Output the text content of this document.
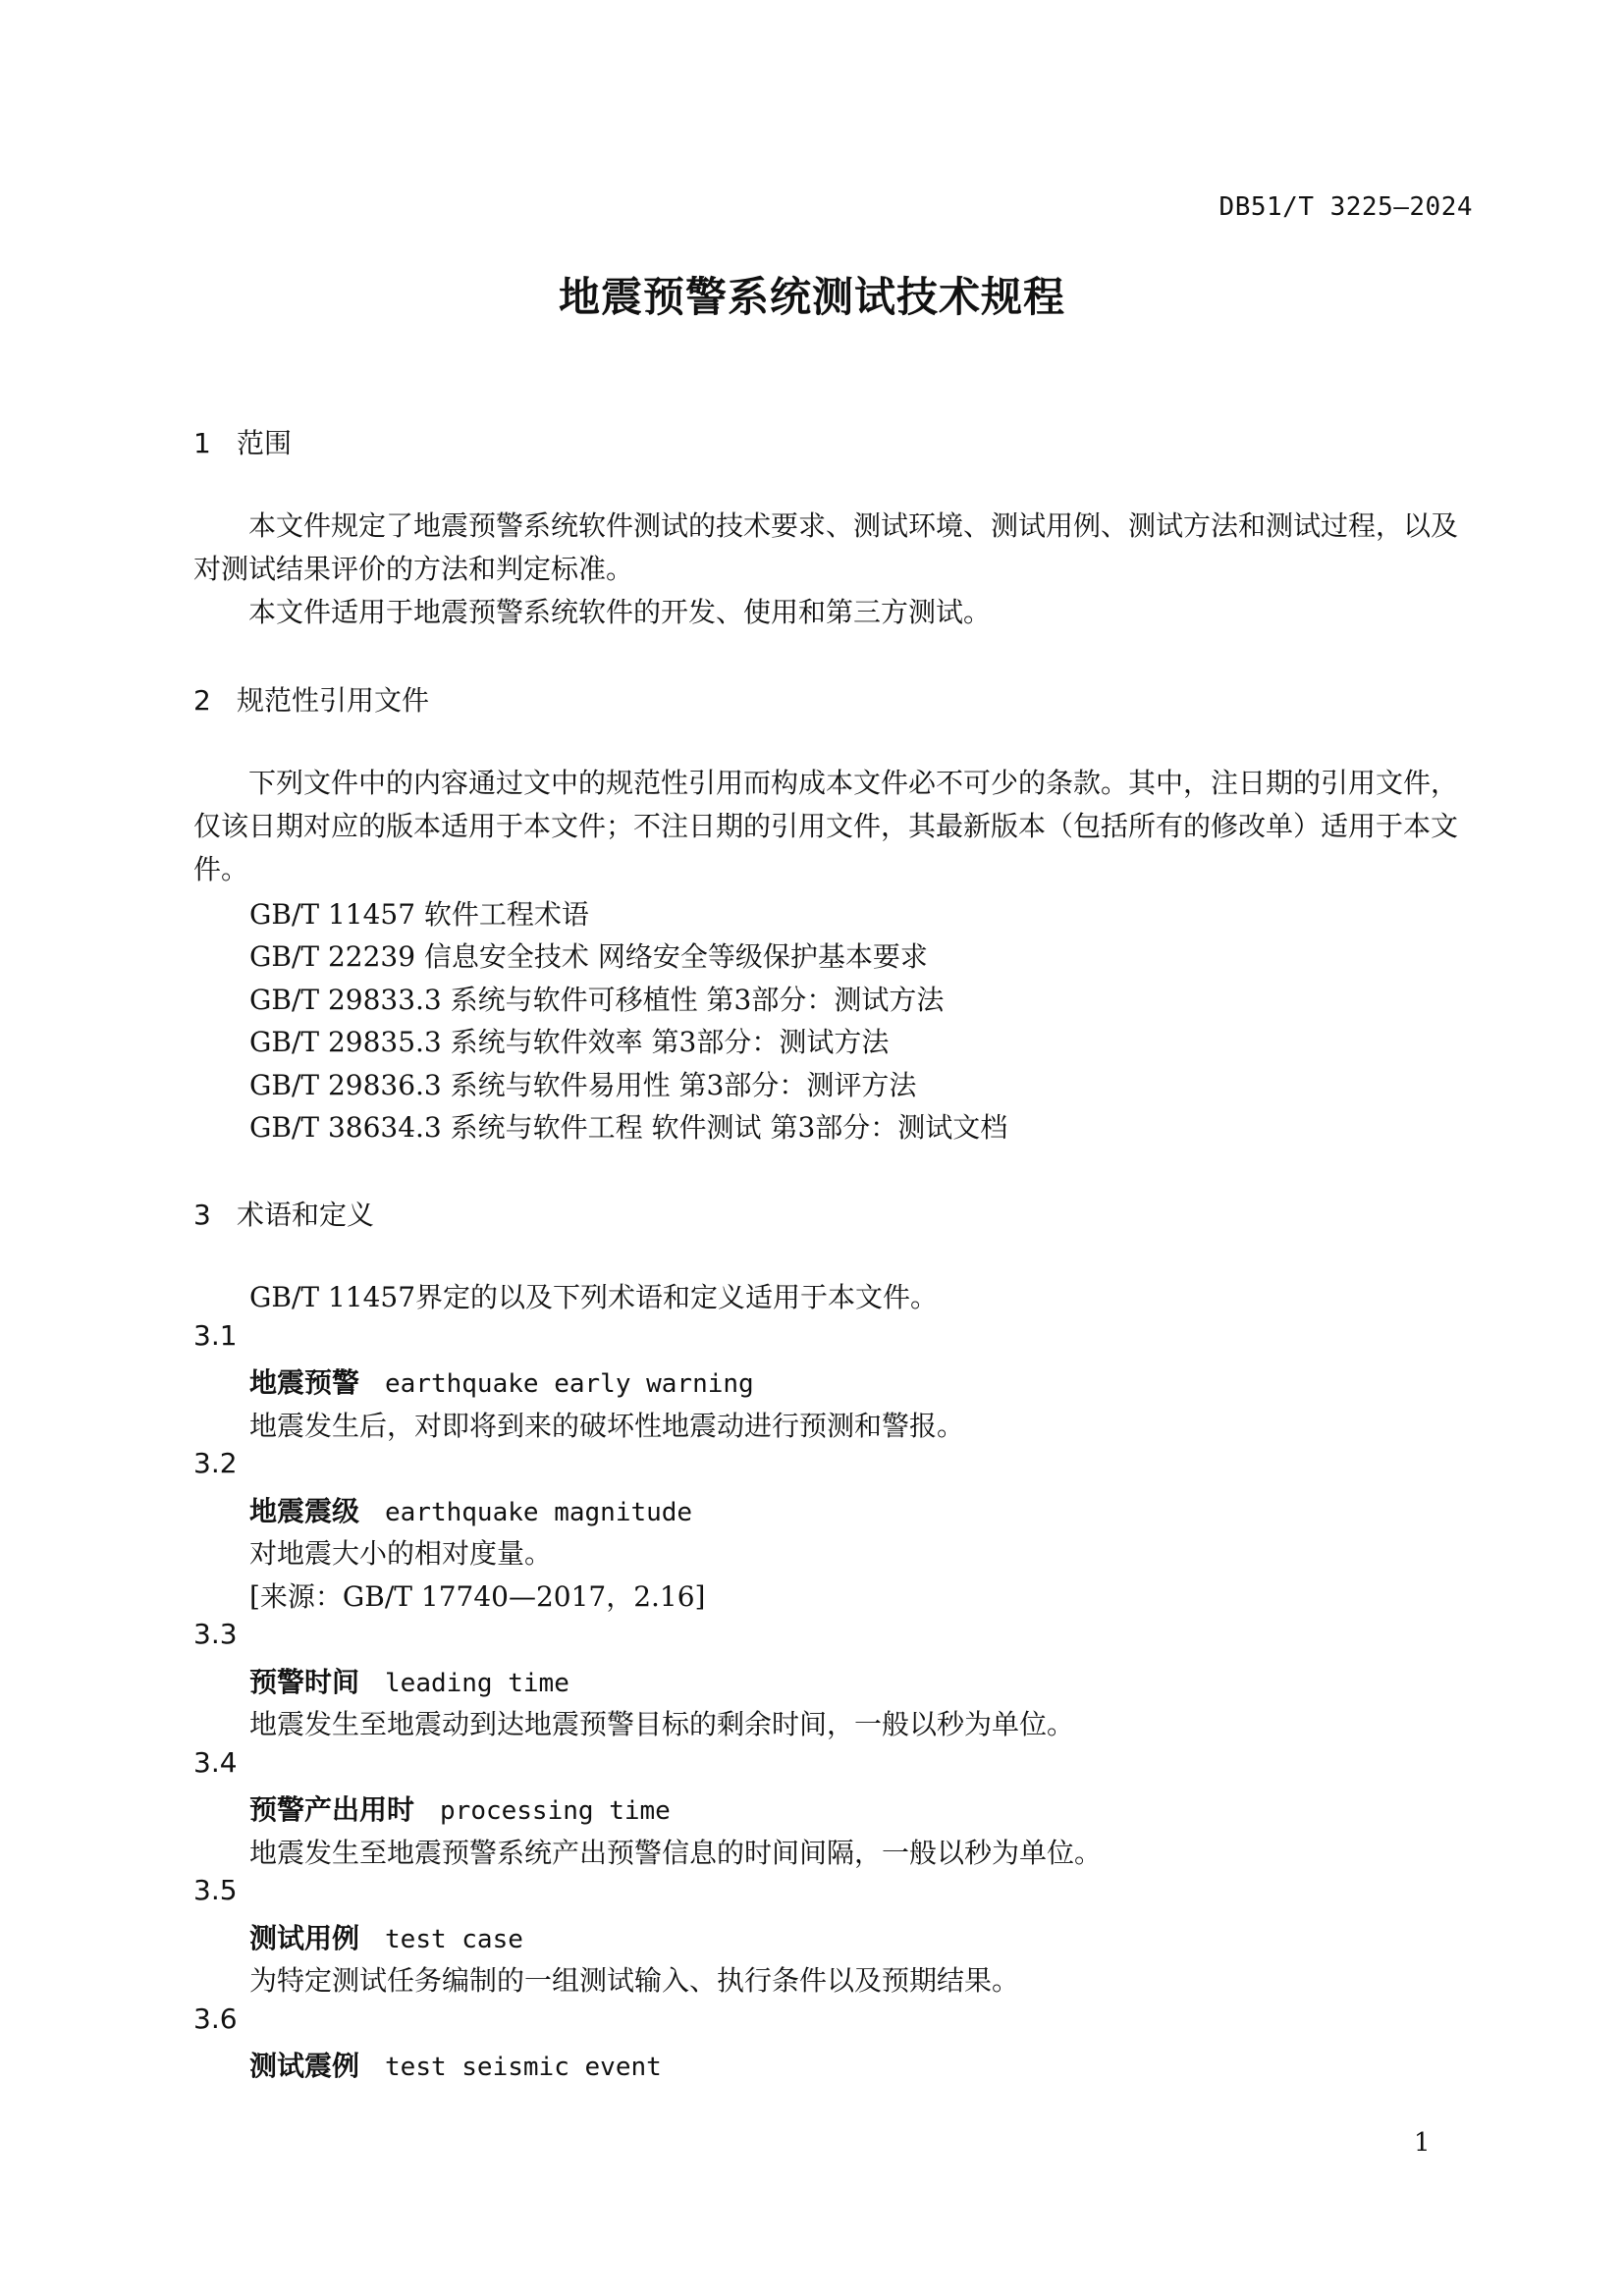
DB51/T 3225—2024
地震预警系统测试技术规程
1 范围
本文件规定了地震预警系统软件测试的技术要求、测试环境、测试用例、测试方法和测试过程，以及对测试结果评价的方法和判定标准。
本文件适用于地震预警系统软件的开发、使用和第三方测试。
2 规范性引用文件
下列文件中的内容通过文中的规范性引用而构成本文件必不可少的条款。其中，注日期的引用文件，仅该日期对应的版本适用于本文件；不注日期的引用文件，其最新版本（包括所有的修改单）适用于本文件。
GB/T 11457 软件工程术语
GB/T 22239 信息安全技术 网络安全等级保护基本要求
GB/T 29833.3 系统与软件可移植性 第3部分：测试方法
GB/T 29835.3 系统与软件效率 第3部分：测试方法
GB/T 29836.3 系统与软件易用性 第3部分：测评方法
GB/T 38634.3 系统与软件工程 软件测试 第3部分：测试文档
3 术语和定义
GB/T 11457界定的以及下列术语和定义适用于本文件。
3.1
地震预警 earthquake early warning
地震发生后，对即将到来的破坏性地震动进行预测和警报。
3.2
地震震级 earthquake magnitude
对地震大小的相对度量。
[来源：GB/T 17740—2017，2.16]
3.3
预警时间 leading time
地震发生至地震动到达地震预警目标的剩余时间，一般以秒为单位。
3.4
预警产出用时 processing time
地震发生至地震预警系统产出预警信息的时间间隔，一般以秒为单位。
3.5
测试用例 test case
为特定测试任务编制的一组测试输入、执行条件以及预期结果。
3.6
测试震例 test seismic event
1
